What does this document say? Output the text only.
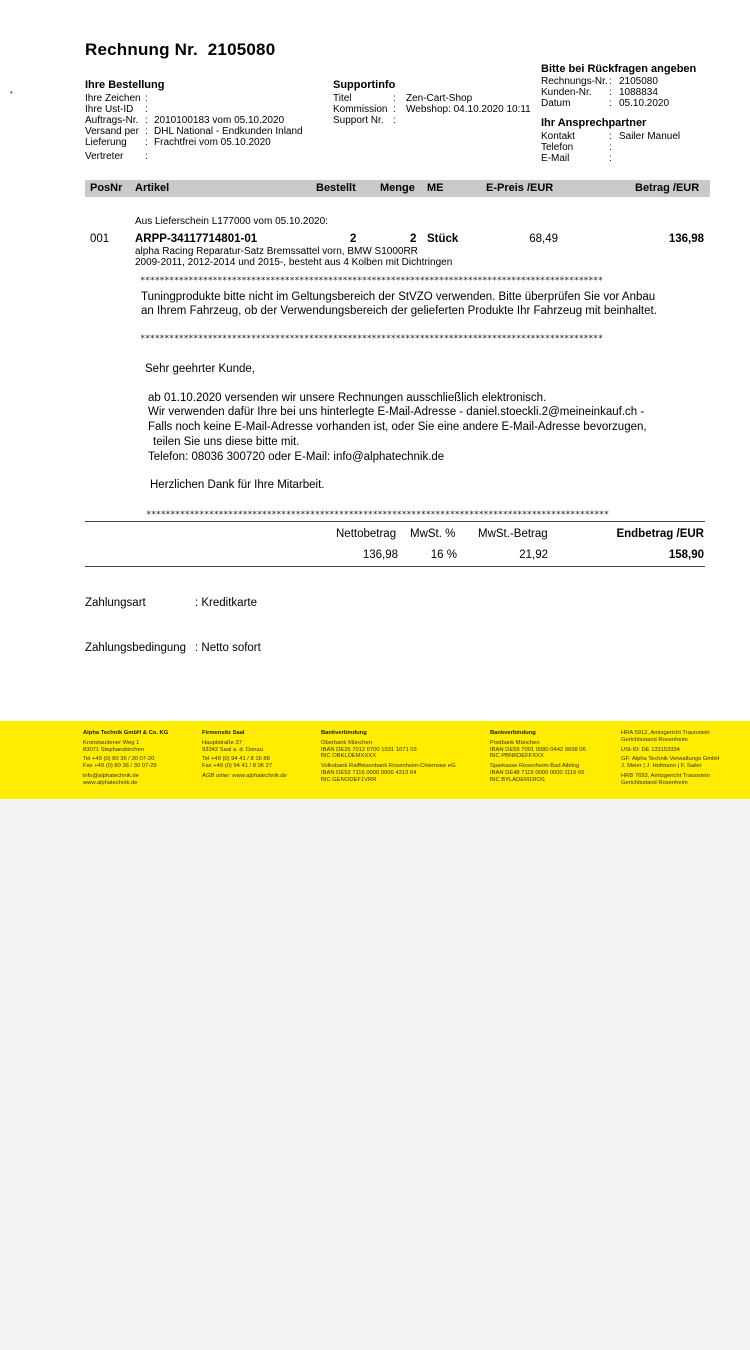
•
Rechnung Nr. 2105080
Ihre Bestellung
Ihre Zeichen :
Ihre Ust-ID	:
Auftrags-Nr. : 2010100183 vom 05.10.2020
Versand per : DHL National - Endkunden Inland
Lieferung	: Frachtfrei vom 05.10.2020
Vertreter	:
Supportinfo
Titel	:	Zen-Cart-Shop
Kommission :	Webshop: 04.10.2020 10:11
Support Nr. :
Bitte bei Rückfragen angeben
Rechnungs-Nr. : 2105080
Kunden-Nr.	: 1088834
Datum	: 05.10.2020
Ihr Ansprechpartner
Kontakt	: Sailer Manuel
Telefon	:
E-Mail	:
PosNr Artikel	Bestellt Menge ME	E-Preis /EUR	Betrag /EUR
Aus Lieferschein L177000 vom 05.10.2020:
001 ARPP-34117714801-01	2	2 Stück	68,49	136,98
alpha Racing Reparatur-Satz Bremssattel vorn, BMW S1000RR
2009-2011, 2012-2014 und 2015-, besteht aus 4 Kolben mit Dichtringen
************************************************************************************************
Tuningprodukte bitte nicht im Geltungsbereich der StVZO verwenden. Bitte überprüfen Sie vor Anbau
an Ihrem Fahrzeug, ob der Verwendungsbereich der gelieferten Produkte Ihr Fahrzeug mit beinhaltet.
************************************************************************************************
Sehr geehrter Kunde,
ab 01.10.2020 versenden wir unsere Rechnungen ausschließlich elektronisch.
Wir verwenden dafür Ihre bei uns hinterlegte E-Mail-Adresse - daniel.stoeckli.2@meineinkauf.ch -
Falls noch keine E-Mail-Adresse vorhanden ist, oder Sie eine andere E-Mail-Adresse bevorzugen,
teilen Sie uns diese bitte mit.
Telefon: 08036 300720 oder E-Mail: info@alphatechnik.de
Herzlichen Dank für Ihre Mitarbeit.
************************************************************************************************
Nettobetrag MwSt. % MwSt.-Betrag	Endbetrag /EUR
136,98	16 %	21,92	158,90
Zahlungsart	: Kreditkarte
Zahlungsbedingung : Netto sofort
Alpha Technik GmbH & Co. KG
Kronstaudener Weg 1
83071 Stephanskirchen
Tel +49 (0) 80 36 / 30 07-20
Fax +49 (0) 80 36 / 30 07-29
info@alphatechnik.de
www.alphatechnik.de
Firmensitz Saal
Hauptstraße 37
93342 Saal a. d. Donau
Tel +49 (0) 94 41 / 8 16 88
Fax +49 (0) 94 41 / 8 06 27
AGB unter: www.alphatechnik.de
Bankverbindung
Oberbank München
IBAN DE25 7012 0700 1031 1071 03
BIC OBKLDEMXXXX
Volksbank Raiffeisenbank Rosenheim-Chiemsee eG
IBAN DE53 7116 0000 0006 4313 64
BIC GENODEF1VRR
Bankverbindung
Postbank München
IBAN DE59 7001 0080 0442 9698 06
BIC PBNKDEFFXXX
Sparkasse Rosenheim-Bad Aibling
IBAN DE48 7115 0000 0000 1116 66
BIC BYLADEM1ROS
HRA 5912, Amtsgericht Traunstein
Gerichtsstand Rosenheim
USt-ID: DE 131153334
GF: Alpha Technik Verwaltungs GmbH
J. Meier | J. Hofmann | F. Sailer
HRB 7693, Amtsgericht Traunstein
Gerichtsstand Rosenheim
